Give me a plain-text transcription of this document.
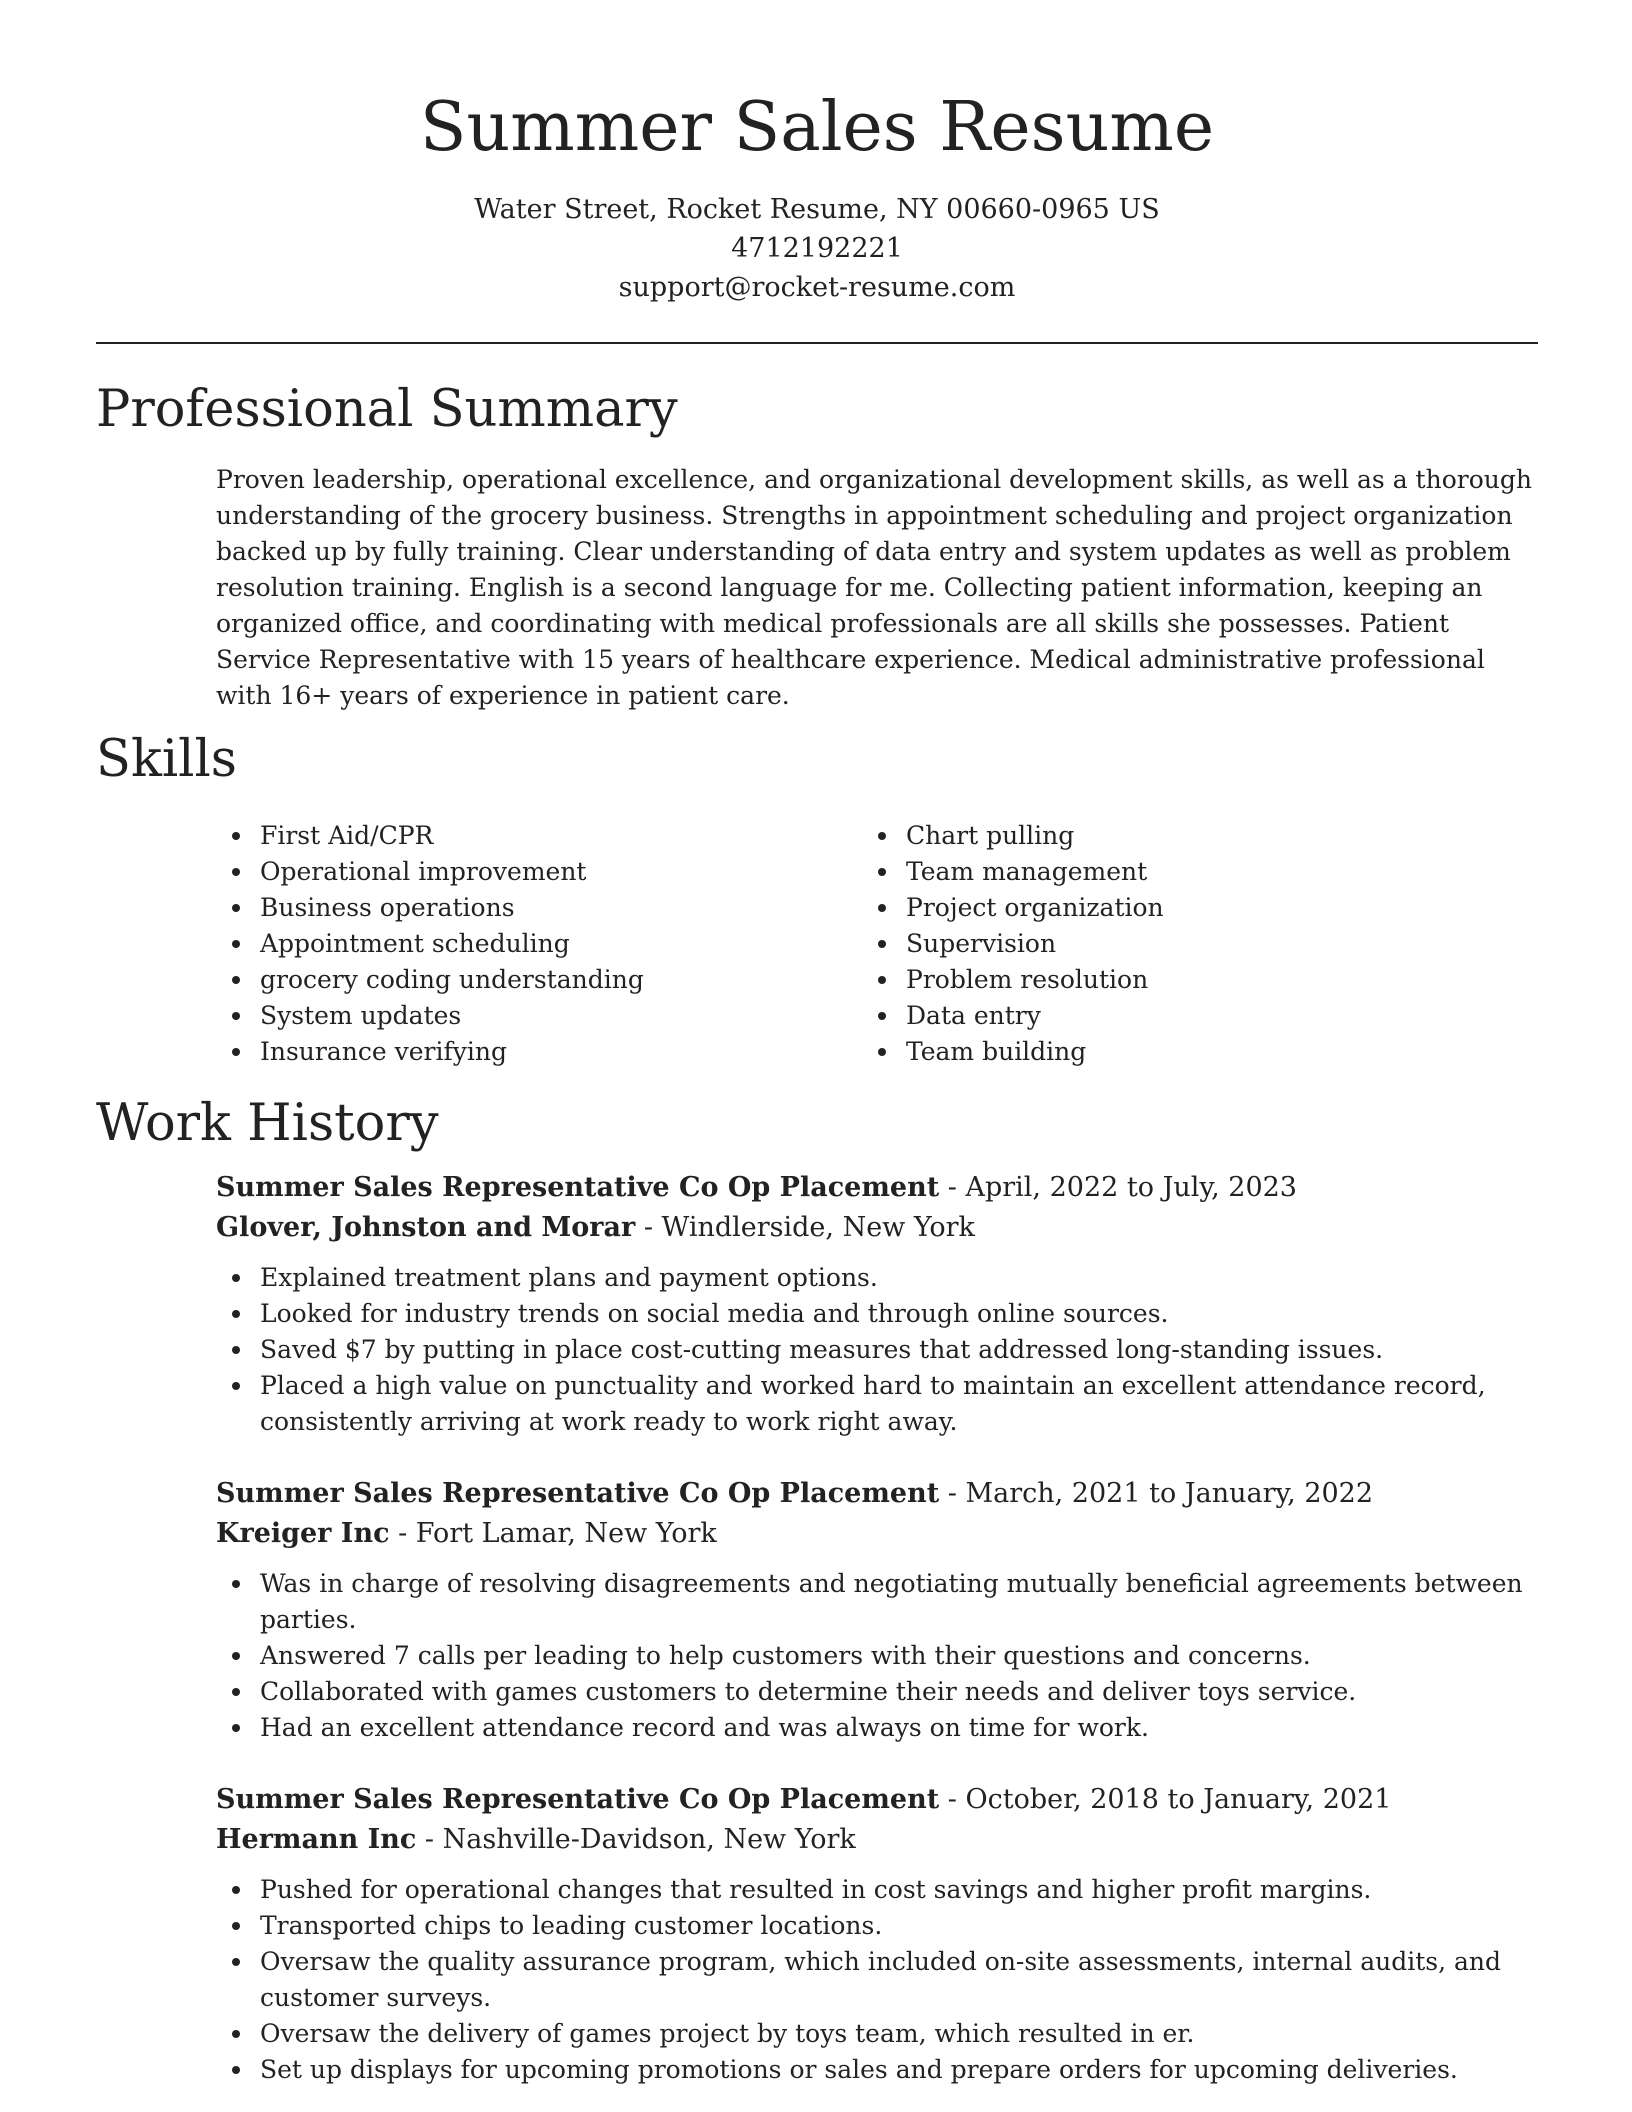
Summer Sales Resume
Water Street, Rocket Resume, NY 00660-0965 US
4712192221
support@rocket-resume.com
Professional Summary

Proven leadership, operational excellence, and organizational development skills, as well as a thorough understanding of the grocery business. Strengths in appointment scheduling and project organization backed up by fully training. Clear understanding of data entry and system updates as well as problem resolution training. English is a second language for me. Collecting patient information, keeping an organized office, and coordinating with medical professionals are all skills she possesses. Patient Service Representative with 15 years of healthcare experience. Medical administrative professional with 16+ years of experience in patient care.

Skills
First Aid/CPR
Operational improvement
Business operations
Appointment scheduling
grocery coding understanding
System updates
Insurance verifying
Chart pulling
Team management
Project organization
Supervision
Problem resolution
Data entry
Team building
Work History
Summer Sales Representative Co Op Placement - April, 2022 to July, 2023
Glover, Johnston and Morar - Windlerside, New York
Explained treatment plans and payment options.
Looked for industry trends on social media and through online sources.
Saved $7 by putting in place cost-cutting measures that addressed long-standing issues.
Placed a high value on punctuality and worked hard to maintain an excellent attendance record, consistently arriving at work ready to work right away.
Summer Sales Representative Co Op Placement - March, 2021 to January, 2022
Kreiger Inc - Fort Lamar, New York
Was in charge of resolving disagreements and negotiating mutually beneficial agreements between parties.
Answered 7 calls per leading to help customers with their questions and concerns.
Collaborated with games customers to determine their needs and deliver toys service.
Had an excellent attendance record and was always on time for work.
Summer Sales Representative Co Op Placement - October, 2018 to January, 2021
Hermann Inc - Nashville-Davidson, New York
Pushed for operational changes that resulted in cost savings and higher profit margins.
Transported chips to leading customer locations.
Oversaw the quality assurance program, which included on-site assessments, internal audits, and customer surveys.
Oversaw the delivery of games project by toys team, which resulted in er.
Set up displays for upcoming promotions or sales and prepare orders for upcoming deliveries.
